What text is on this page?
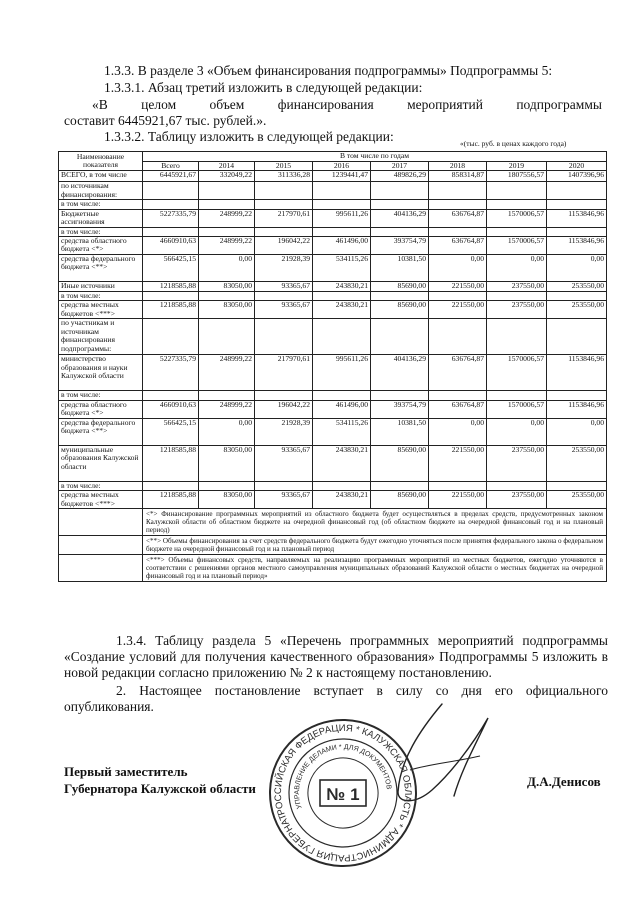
1.3.3. В разделе 3 «Объем финансирования подпрограммы» Подпрограммы 5:

1.3.3.1. Абзац третий изложить в следующей редакции:

«В целом объем финансирования мероприятий подпрограммы

составит 6445921,67 тыс. рублей.».

1.3.3.2. Таблицу изложить в следующей редакции:	«(тыс. руб. в ценах каждого года)
Наименование показателя	В том числе по годам							
	Всего	2014	2015	2016	2017	2018	2019	2020
ВСЕГО, в том числе	6445921,67	332049,22	311336,28	1239441,47	489826,29	858314,87	1807556,57	1407396,96
по источникам финансирования:								
в том числе:								
Бюджетные ассигнования	5227335,79	248999,22	217970,61	995611,26	404136,29	636764,87	1570006,57	1153846,96
в том числе:								
средства областного бюджета <*>	4660910,63	248999,22	196042,22	461496,00	393754,79	636764,87	1570006,57	1153846,96
средства федерального бюджета <**>	566425,15	0,00	21928,39	534115,26	10381,50	0,00	0,00	0,00
Иные источники	1218585,88	83050,00	93365,67	243830,21	85690,00	221550,00	237550,00	253550,00
в том числе:								
средства местных бюджетов <***>	1218585,88	83050,00	93365,67	243830,21	85690,00	221550,00	237550,00	253550,00
по участникам и источникам финансирования подпрограммы:								
министерство образования и науки Калужской области	5227335,79	248999,22	217970,61	995611,26	404136,29	636764,87	1570006,57	1153846,96
в том числе:								
средства областного бюджета <*>	4660910,63	248999,22	196042,22	461496,00	393754,79	636764,87	1570006,57	1153846,96
средства федерального бюджета <**>	566425,15	0,00	21928,39	534115,26	10381,50	0,00	0,00	0,00
муниципальные образования Калужской области	1218585,88	83050,00	93365,67	243830,21	85690,00	221550,00	237550,00	253550,00
в том числе:								
средства местных бюджетов <***>	1218585,88	83050,00	93365,67	243830,21	85690,00	221550,00	237550,00	253550,00
	<*> Финансирование программных мероприятий из областного бюджета будет осуществляться в пределах средств, предусмотренных законом Калужской области об областном бюджете на очередной финансовый год (об областном бюджете на очередной финансовый год и на плановый период)							
	<**> Объемы финансирования за счет средств федерального бюджета будут ежегодно уточняться после принятия федерального закона о федеральном бюджете на очередной финансовый год и на плановый период							
	<***> Объемы финансовых средств, направляемых на реализацию программных мероприятий из местных бюджетов, ежегодно уточняются в соответствии с решениями органов местного самоуправления муниципальных образований Калужской области о местных бюджетах на очередной финансовый год и на плановый период»							
Первый заместитель
Губернатора Калужской области	Д.А.Денисов
РОССИЙСКАЯ ФЕДЕРАЦИЯ * КАЛУЖСКАЯ ОБЛАСТЬ * АДМИНИСТРАЦИЯ ГУБЕРНАТОРА
УПРАВЛЕНИЕ ДЕЛАМИ * ДЛЯ ДОКУМЕНТОВ
№ 1

1.3.4. Таблицу раздела 5 «Перечень программных мероприятий подпрограммы «Создание условий для получения качественного образования» Подпрограммы 5 изложить в новой редакции согласно приложению № 2 к настоящему постановлению.

2. Настоящее постановление вступает в силу со дня его официального опубликования.
